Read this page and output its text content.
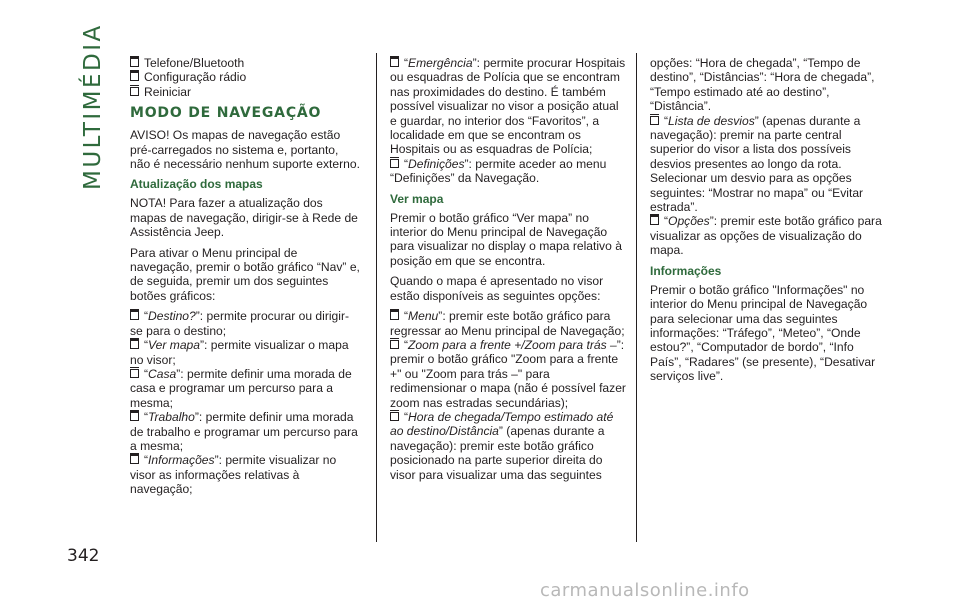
MULTIMÉDIA
342

Telefone/Bluetooth

Configuração rádio

Reiniciar

MODO DE NAVEGAÇÃO

AVISO! Os mapas de navegação estão pré-carregados no sistema e, portanto, não é necessário nenhum suporte externo.

Atualização dos mapas

NOTA! Para fazer a atualização dos mapas de navegação, dirigir-se à Rede de Assistência Jeep.

Para ativar o Menu principal de navegação, premir o botão gráfico “Nav” e, de seguida, premir um dos seguintes botões gráficos:

“Destino?”: permite procurar ou dirigir-se para o destino;

“Ver mapa”: permite visualizar o mapa no visor;

“Casa”: permite definir uma morada de casa e programar um percurso para a mesma;

“Trabalho”: permite definir uma morada de trabalho e programar um percurso para a mesma;

“Informações”: permite visualizar no visor as informações relativas à navegação;

“Emergência”: permite procurar Hospitais ou esquadras de Polícia que se encontram nas proximidades do destino. É também possível visualizar no visor a posição atual e guardar, no interior dos “Favoritos”, a localidade em que se encontram os Hospitais ou as esquadras de Polícia;

“Definições”: permite aceder ao menu “Definições” da Navegação.

Ver mapa

Premir o botão gráfico “Ver mapa” no interior do Menu principal de Navegação para visualizar no display o mapa relativo à posição em que se encontra.

Quando o mapa é apresentado no visor estão disponíveis as seguintes opções:

“Menu”: premir este botão gráfico para regressar ao Menu principal de Navegação;

“Zoom para a frente +/Zoom para trás –”: premir o botão gráfico "Zoom para a frente +" ou "Zoom para trás –" para redimensionar o mapa (não é possível fazer zoom nas estradas secundárias);

“Hora de chegada/Tempo estimado até ao destino/Distância” (apenas durante a navegação): premir este botão gráfico posicionado na parte superior direita do visor para visualizar uma das seguintes

opções: “Hora de chegada”, “Tempo de destino”, “Distâncias”: “Hora de chegada”, “Tempo estimado até ao destino”, “Distância”.

“Lista de desvios” (apenas durante a navegação): premir na parte central superior do visor a lista dos possíveis desvios presentes ao longo da rota. Selecionar um desvio para as opções seguintes: “Mostrar no mapa” ou “Evitar estrada”.

“Opções”: premir este botão gráfico para visualizar as opções de visualização do mapa.

Informações

Premir o botão gráfico "Informações" no interior do Menu principal de Navegação para selecionar uma das seguintes informações: “Tráfego”, “Meteo”, “Onde estou?”, “Computador de bordo”, “Info País”, “Radares” (se presente), “Desativar serviços live”.

carmanualsonline.info
